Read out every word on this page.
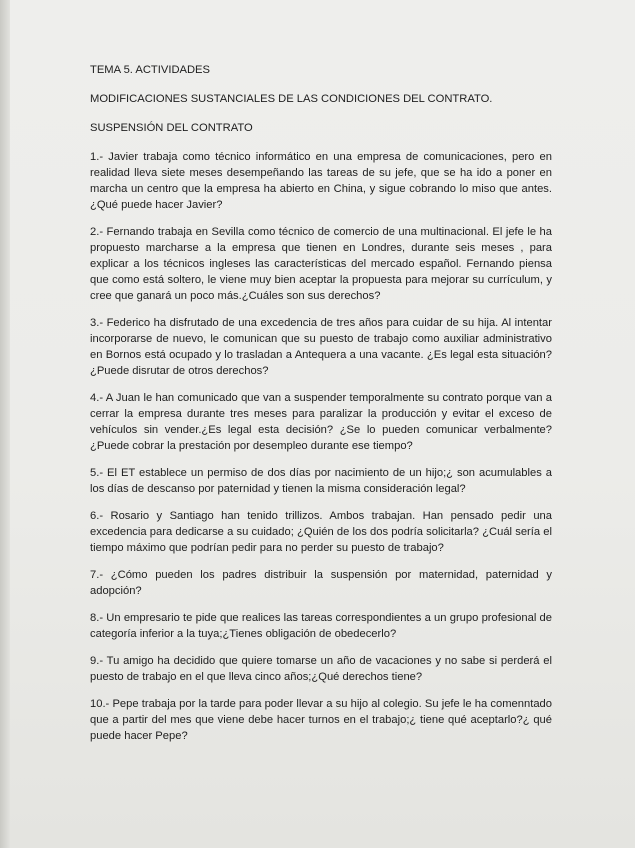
TEMA 5. ACTIVIDADES

MODIFICACIONES SUSTANCIALES DE LAS CONDICIONES DEL CONTRATO.

SUSPENSIÓN DEL CONTRATO

1.- Javier trabaja como técnico informático en una empresa de comunicaciones, pero en realidad lleva siete meses desempeñando las tareas de su jefe, que se ha ido a poner en marcha un centro que la empresa ha abierto en China, y sigue cobrando lo miso que antes. ¿Qué puede hacer Javier?

2.- Fernando trabaja en Sevilla como técnico de comercio de una multinacional. El jefe le ha propuesto marcharse a la empresa que tienen en Londres, durante seis meses , para explicar a los técnicos ingleses las características del mercado español. Fernando piensa que como está soltero, le viene muy bien aceptar la propuesta para mejorar su currículum, y cree que ganará un poco más.¿Cuáles son sus derechos?

3.- Federico ha disfrutado de una excedencia de tres años para cuidar de su hija. Al intentar incorporarse de nuevo, le comunican que su puesto de trabajo como auxiliar administrativo en Bornos está ocupado y lo trasladan a Antequera a una vacante. ¿Es legal esta situación?¿Puede disrutar de otros derechos?

4.- A Juan le han comunicado que van a suspender temporalmente su contrato porque van a cerrar la empresa durante tres meses para paralizar la producción y evitar el exceso de vehículos sin vender.¿Es legal esta decisión? ¿Se lo pueden comunicar verbalmente?¿Puede cobrar la prestación por desempleo durante ese tiempo?

5.- El ET establece un permiso de dos días por nacimiento de un hijo;¿ son acumulables a los días de descanso por paternidad y tienen la misma consideración legal?

6.- Rosario y Santiago han tenido trillizos. Ambos trabajan. Han pensado pedir una excedencia para dedicarse a su cuidado; ¿Quién de los dos podría solicitarla? ¿Cuál sería el tiempo máximo que podrían pedir para no perder su puesto de trabajo?

7.- ¿Cómo pueden los padres distribuir la suspensión por maternidad, paternidad y adopción?

8.- Un empresario te pide que realices las tareas correspondientes a un grupo profesional de categoría inferior a la tuya;¿Tienes obligación de obedecerlo?

9.- Tu amigo ha decidido que quiere tomarse un año de vacaciones y no sabe si perderá el puesto de trabajo en el que lleva cinco años;¿Qué derechos tiene?

10.- Pepe trabaja por la tarde para poder llevar a su hijo al colegio. Su jefe le ha comenntado que a partir del mes que viene debe hacer turnos en el trabajo;¿ tiene qué aceptarlo?¿ qué puede hacer Pepe?
